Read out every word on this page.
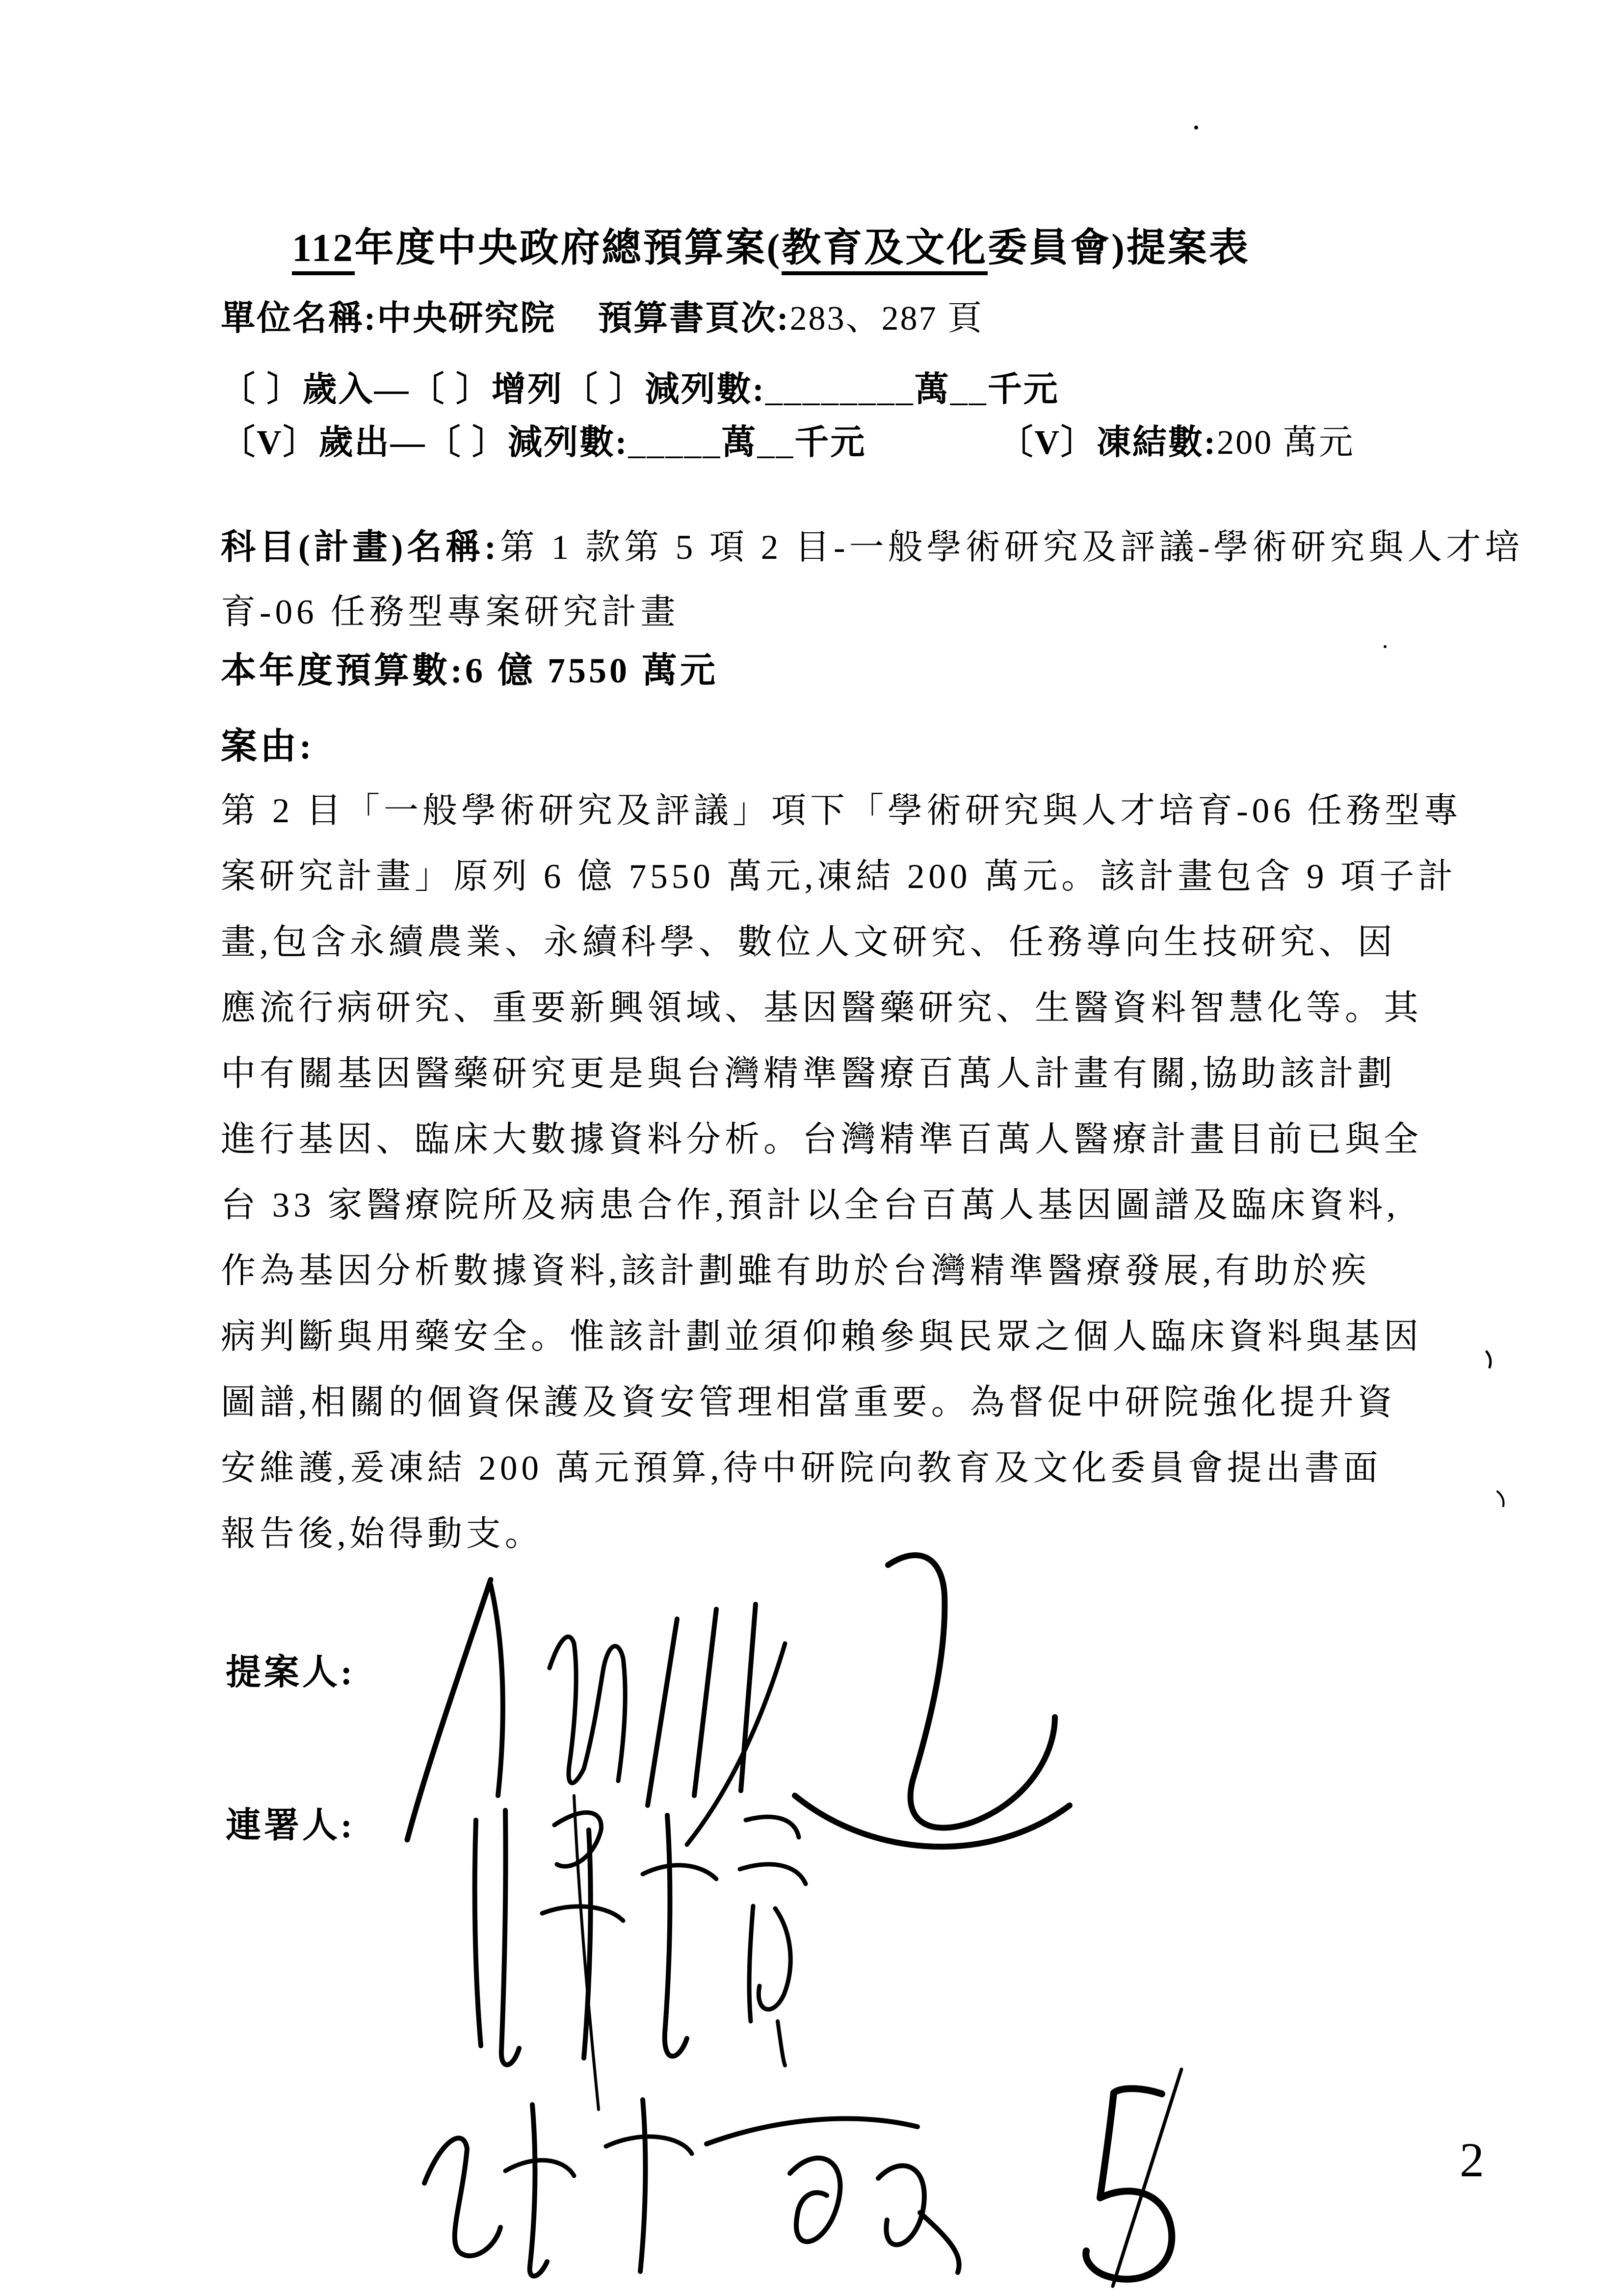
112年度中央政府總預算案(教育及文化委員會)提案表
單位名稱:中央研究院 預算書頁次:283、287 頁
〔 〕歲入—〔 〕增列〔 〕減列數:________萬__千元
〔V〕歲出—〔 〕減列數:_____萬__千元	〔V〕凍結數:200 萬元
科目(計畫)名稱:第 1 款第 5 項 2 目-一般學術研究及評議-學術研究與人才培
育-06 任務型專案研究計畫
本年度預算數:6 億 7550 萬元
案由:
第 2 目「一般學術研究及評議」項下「學術研究與人才培育-06 任務型專
案研究計畫」原列 6 億 7550 萬元,凍結 200 萬元。該計畫包含 9 項子計
畫,包含永續農業、永續科學、數位人文研究、任務導向生技研究、因
應流行病研究、重要新興領域、基因醫藥研究、生醫資料智慧化等。其
中有關基因醫藥研究更是與台灣精準醫療百萬人計畫有關,協助該計劃
進行基因、臨床大數據資料分析。台灣精準百萬人醫療計畫目前已與全
台 33 家醫療院所及病患合作,預計以全台百萬人基因圖譜及臨床資料,
作為基因分析數據資料,該計劃雖有助於台灣精準醫療發展,有助於疾
病判斷與用藥安全。惟該計劃並須仰賴參與民眾之個人臨床資料與基因
圖譜,相關的個資保護及資安管理相當重要。為督促中研院強化提升資
安維護,爰凍結 200 萬元預算,待中研院向教育及文化委員會提出書面
報告後,始得動支。
提案人:
連署人:
2
